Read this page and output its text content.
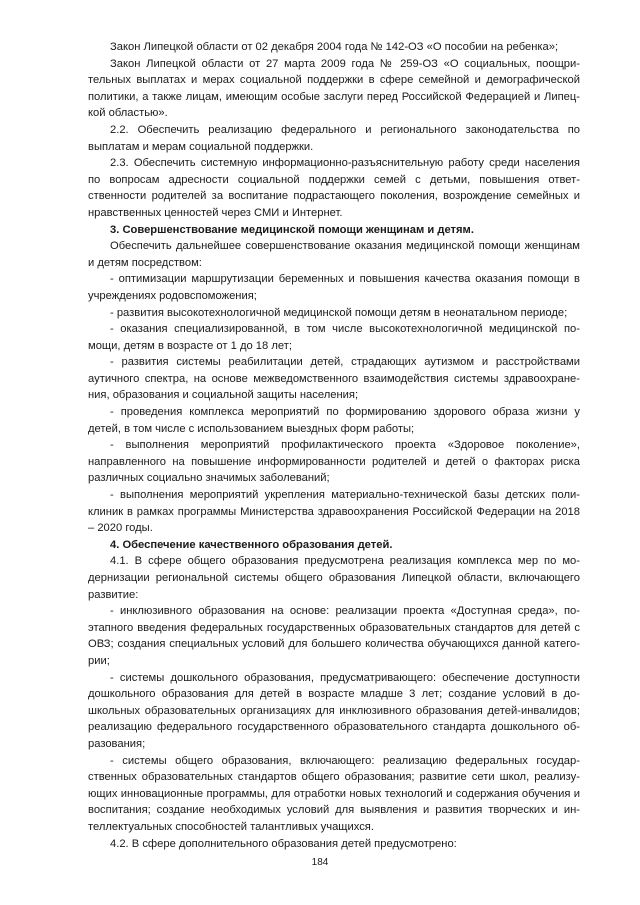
Закон Липецкой области от 02 декабря 2004 года № 142-ОЗ «О пособии на ребенка»;

Закон Липецкой области от 27 марта 2009 года № 259-ОЗ «О социальных, поощрительных выплатах и мерах социальной поддержки в сфере семейной и демографической политики, а также лицам, имеющим особые заслуги перед Российской Федерацией и Липецкой областью».

2.2. Обеспечить реализацию федерального и регионального законодательства по выплатам и мерам социальной поддержки.

2.3. Обеспечить системную информационно-разъяснительную работу среди населения по вопросам адресности социальной поддержки семей с детьми, повышения ответственности родителей за воспитание подрастающего поколения, возрождение семейных и нравственных ценностей через СМИ и Интернет.

3. Совершенствование медицинской помощи женщинам и детям.

Обеспечить дальнейшее совершенствование оказания медицинской помощи женщинам и детям посредством:

- оптимизации маршрутизации беременных и повышения качества оказания помощи в учреждениях родовспоможения;

- развития высокотехнологичной медицинской помощи детям в неонатальном периоде;

- оказания специализированной, в том числе высокотехнологичной медицинской помощи, детям в возрасте от 1 до 18 лет;

- развития системы реабилитации детей, страдающих аутизмом и расстройствами аутичного спектра, на основе межведомственного взаимодействия системы здравоохранения, образования и социальной защиты населения;

- проведения комплекса мероприятий по формированию здорового образа жизни у детей, в том числе с использованием выездных форм работы;

- выполнения мероприятий профилактического проекта «Здоровое поколение», направленного на повышение информированности родителей и детей о факторах риска различных социально значимых заболеваний;

- выполнения мероприятий укрепления материально-технической базы детских поликлиник в рамках программы Министерства здравоохранения Российской Федерации на 2018 – 2020 годы.

4. Обеспечение качественного образования детей.

4.1. В сфере общего образования предусмотрена реализация комплекса мер по модернизации региональной системы общего образования Липецкой области, включающего развитие:

- инклюзивного образования на основе: реализации проекта «Доступная среда», поэтапного введения федеральных государственных образовательных стандартов для детей с ОВЗ; создания специальных условий для большего количества обучающихся данной категории;

- системы дошкольного образования, предусматривающего: обеспечение доступности дошкольного образования для детей в возрасте младше 3 лет; создание условий в дошкольных образовательных организациях для инклюзивного образования детей-инвалидов; реализацию федерального государственного образовательного стандарта дошкольного образования;

- системы общего образования, включающего: реализацию федеральных государственных образовательных стандартов общего образования; развитие сети школ, реализующих инновационные программы, для отработки новых технологий и содержания обучения и воспитания; создание необходимых условий для выявления и развития творческих и интеллектуальных способностей талантливых учащихся.

4.2. В сфере дополнительного образования детей предусмотрено:

184
